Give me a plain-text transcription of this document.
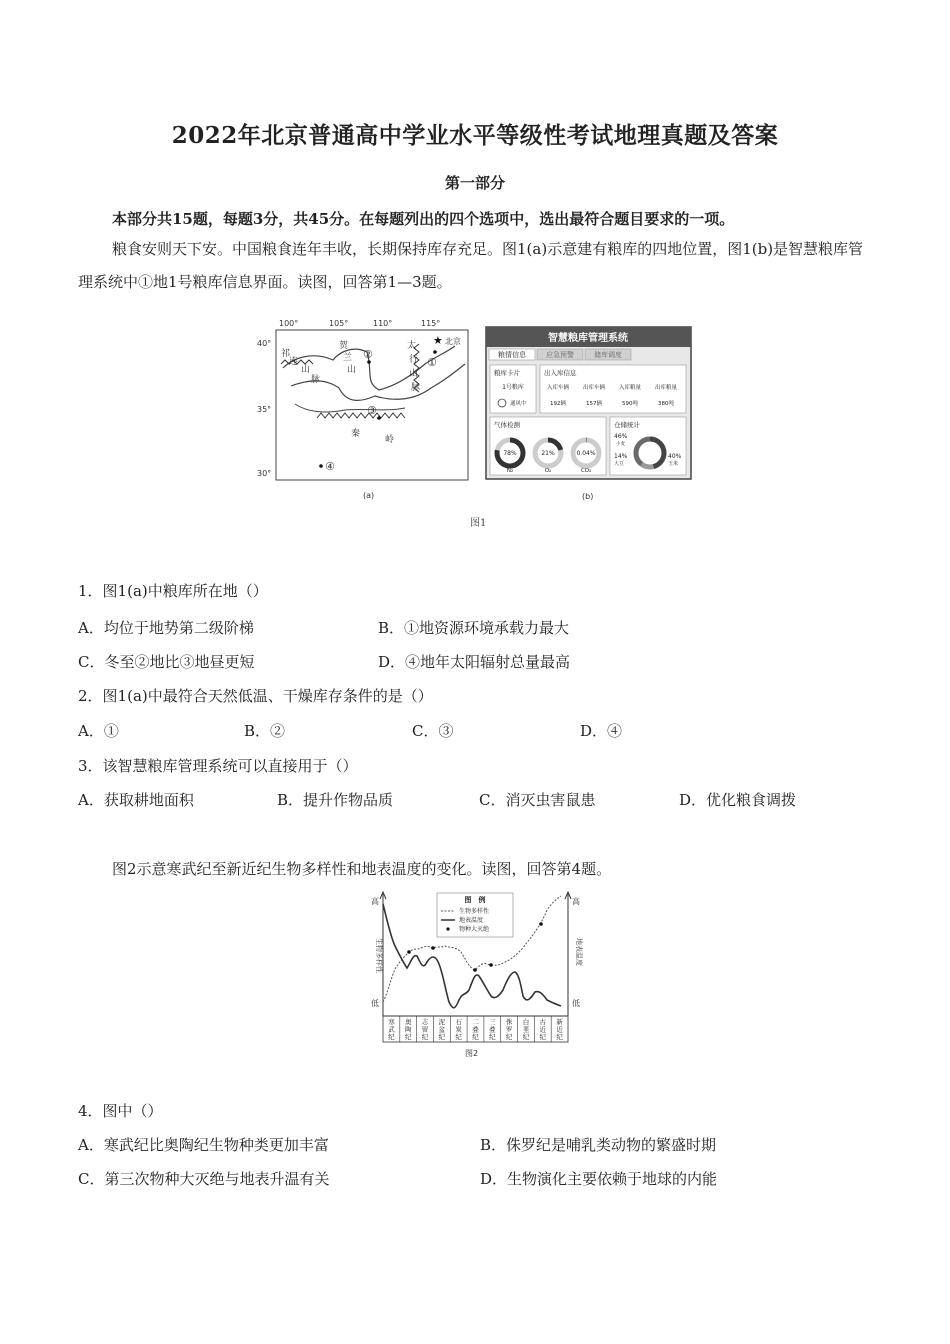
2022年北京普通高中学业水平等级性考试地理真题及答案
第一部分
本部分共15题，每题3分，共45分。在每题列出的四个选项中，选出最符合题目要求的一项。
粮食安则天下安。中国粮食连年丰收，长期保持库存充足。图1(a)示意建有粮库的四地位置，图1(b)是智慧粮库管理系统中①地1号粮库信息界面。读图，回答第1—3题。
100°	105°	110°	115°
40°
35°
30°
祁
连
山
脉
贺
兰
山
太
行
山
脉
秦
岭
★ 北京
①
②
③
④
(a)
智慧粮库管理系统
粮情信息	应急预警	储库调度
粮库卡片
1号粮库
通风中
出入库信息
入库车辆	出库车辆	入库粮量	出库粮量
192辆	157辆	590吨	380吨
气体检测
78%
N₂
21%
O₂
0.04%
CO₂
仓储统计
46%
小麦
14%
大豆
40%
玉米
(b)
图1
1．图1(a)中粮库所在地（）
A．均位于地势第二级阶梯	B．①地资源环境承载力最大
C．冬至②地比③地昼更短	D．④地年太阳辐射总量最高
2．图1(a)中最符合天然低温、干燥库存条件的是（）
A．①	B．②	C．③	D．④
3．该智慧粮库管理系统可以直接用于（）
A．获取耕地面积	B．提升作物品质	C．消灭虫害鼠患	D．优化粮食调拨
图2示意寒武纪至新近纪生物多样性和地表温度的变化。读图，回答第4题。
高
低
高
低
生物多样性	地表温度
图　例
生物多样性
地表温度
物种大灭绝
寒
武
纪
奥
陶
纪
志
留
纪
泥
盆
纪
石
炭
纪
二
叠
纪
三
叠
纪
侏
罗
纪
白
垩
纪
古
近
纪
新
近
纪
图2
4．图中（）
A．寒武纪比奥陶纪生物种类更加丰富	B．侏罗纪是哺乳类动物的繁盛时期
C．第三次物种大灭绝与地表升温有关	D．生物演化主要依赖于地球的内能
